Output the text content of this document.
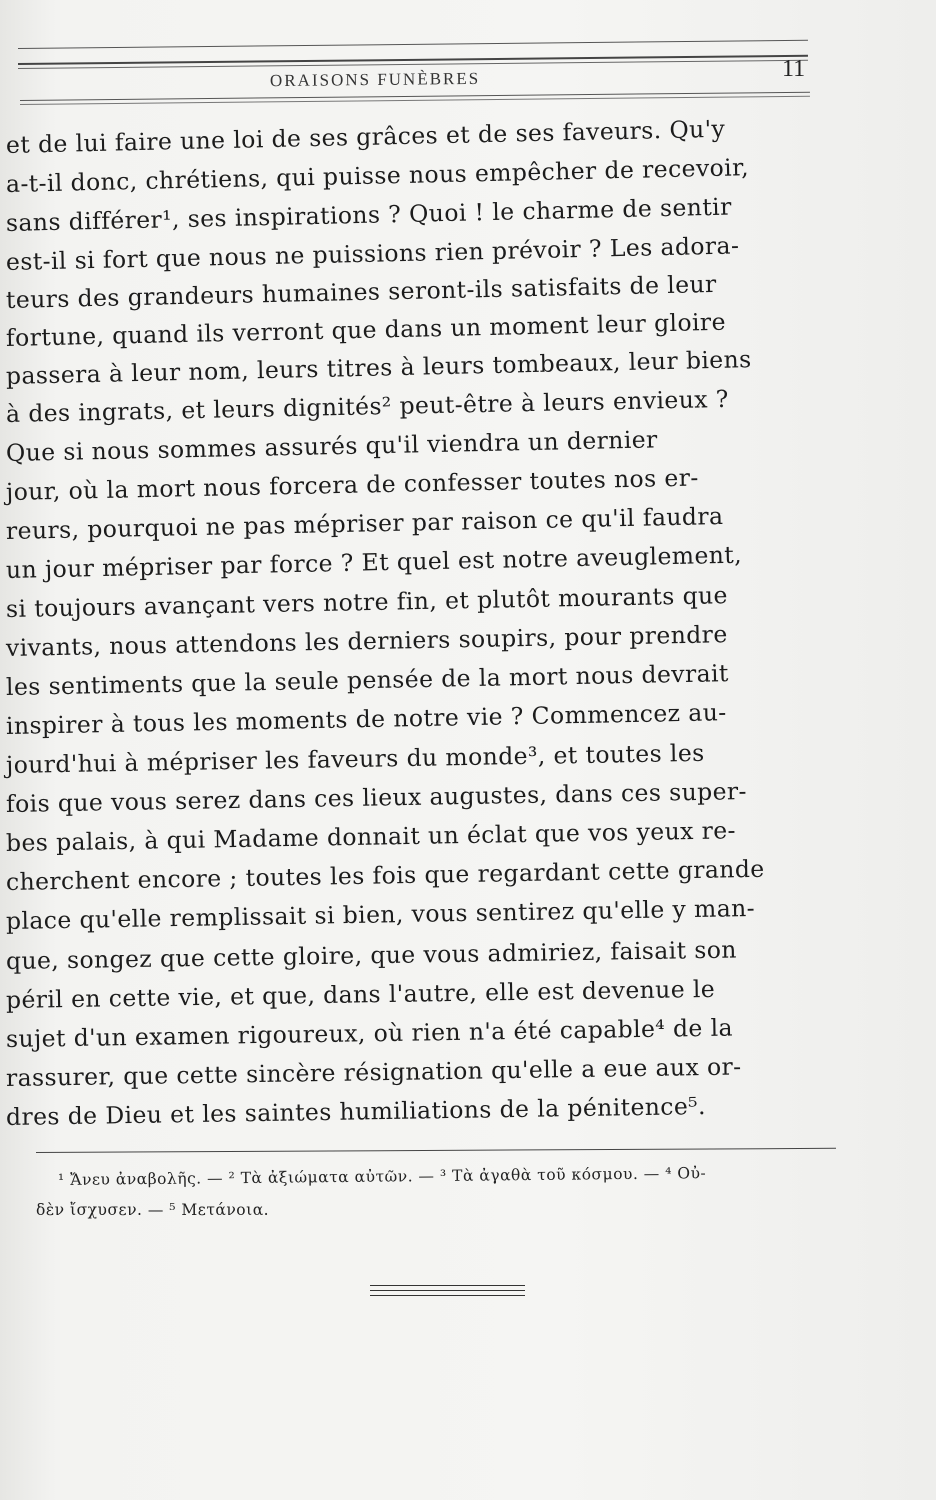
ORAISONS FUNÈBRES	11
et de lui faire une loi de ses grâces et de ses faveurs. Qu'y
a-t-il donc, chrétiens, qui puisse nous empêcher de recevoir,
sans différer¹, ses inspirations ? Quoi ! le charme de sentir
est-il si fort que nous ne puissions rien prévoir ? Les adora-
teurs des grandeurs humaines seront-ils satisfaits de leur
fortune, quand ils verront que dans un moment leur gloire
passera à leur nom, leurs titres à leurs tombeaux, leur biens
à des ingrats, et leurs dignités² peut-être à leurs envieux ?
Que si nous sommes assurés qu'il viendra un dernier
jour, où la mort nous forcera de confesser toutes nos er-
reurs, pourquoi ne pas mépriser par raison ce qu'il faudra
un jour mépriser par force ? Et quel est notre aveuglement,
si toujours avançant vers notre fin, et plutôt mourants que
vivants, nous attendons les derniers soupirs, pour prendre
les sentiments que la seule pensée de la mort nous devrait
inspirer à tous les moments de notre vie ? Commencez au-
jourd'hui à mépriser les faveurs du monde³, et toutes les
fois que vous serez dans ces lieux augustes, dans ces super-
bes palais, à qui Madame donnait un éclat que vos yeux re-
cherchent encore ; toutes les fois que regardant cette grande
place qu'elle remplissait si bien, vous sentirez qu'elle y man-
que, songez que cette gloire, que vous admiriez, faisait son
péril en cette vie, et que, dans l'autre, elle est devenue le
sujet d'un examen rigoureux, où rien n'a été capable⁴ de la
rassurer, que cette sincère résignation qu'elle a eue aux or-
dres de Dieu et les saintes humiliations de la pénitence⁵.
¹ Ἄνευ ἀναβολῆς. — ² Τὰ ἀξιώματα αὐτῶν. — ³ Τὰ ἀγαθὰ τοῦ κόσμου. — ⁴ Οὐ-
δὲν ἴσχυσεν. — ⁵ Μετάνοια.
